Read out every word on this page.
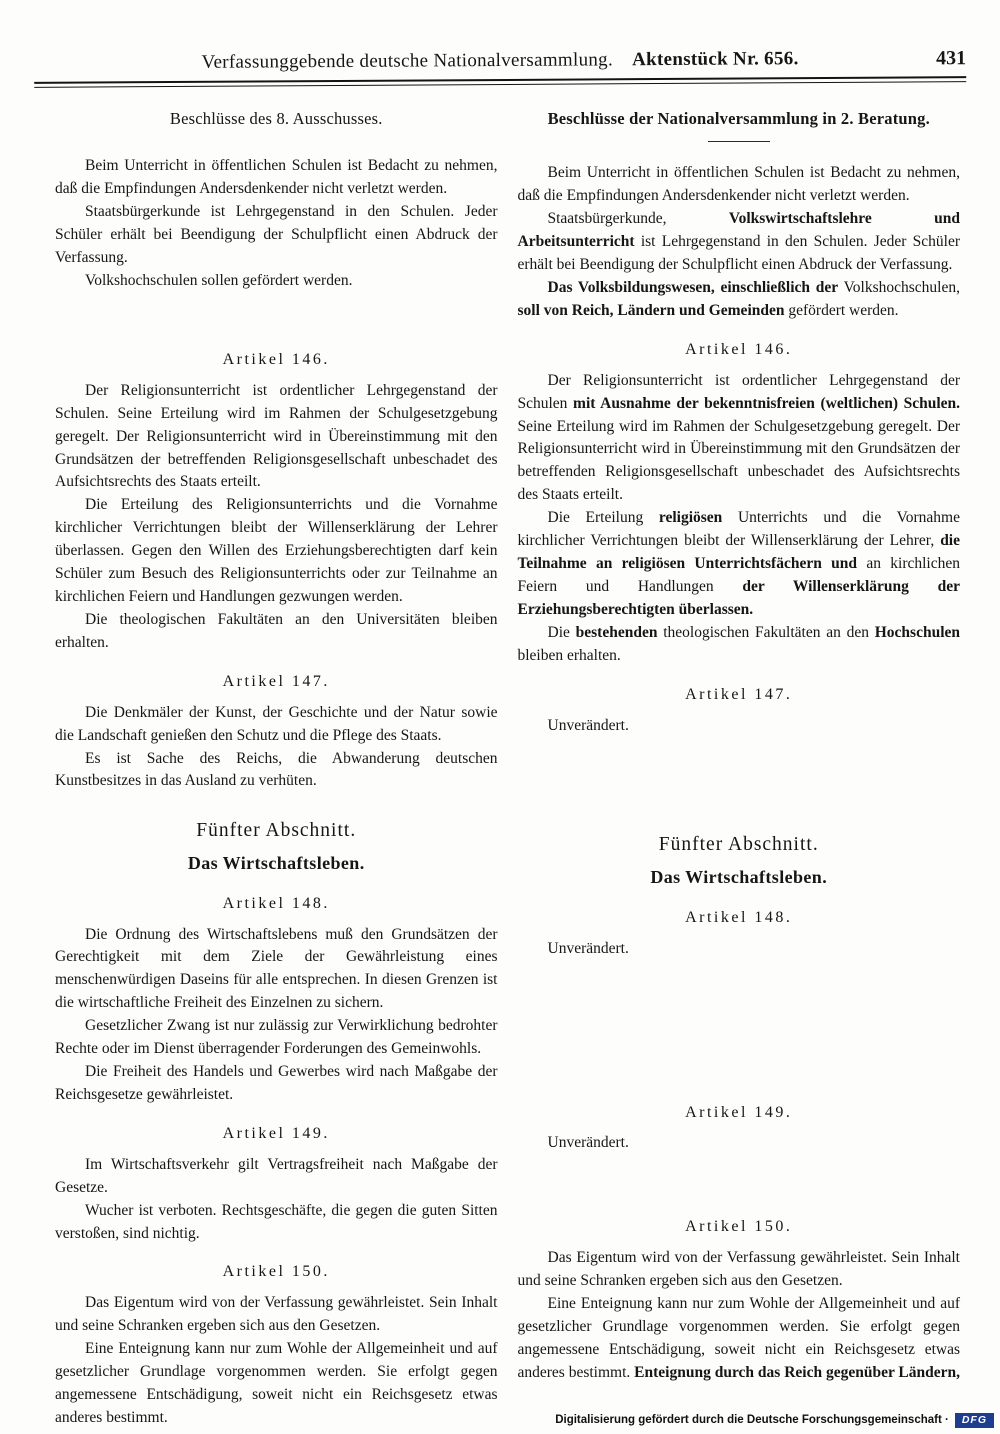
Verfassunggebende deutsche Nationalversammlung. Aktenstück Nr. 656.	431
Beschlüsse des 8. Ausschusses.

Beim Unterricht in öffentlichen Schulen ist Bedacht zu nehmen, daß die Empfindungen Andersdenkender nicht verletzt werden.

Staatsbürgerkunde ist Lehrgegenstand in den Schulen. Jeder Schüler erhält bei Beendigung der Schulpflicht einen Abdruck der Verfassung.

Volkshochschulen sollen gefördert werden.

Artikel 146.

Der Religionsunterricht ist ordentlicher Lehrgegenstand der Schulen. Seine Erteilung wird im Rahmen der Schulgesetzgebung geregelt. Der Religionsunterricht wird in Übereinstimmung mit den Grundsätzen der betreffenden Religionsgesellschaft unbeschadet des Aufsichtsrechts des Staats erteilt.

Die Erteilung des Religionsunterrichts und die Vornahme kirchlicher Verrichtungen bleibt der Willenserklärung der Lehrer überlassen. Gegen den Willen des Erziehungsberechtigten darf kein Schüler zum Besuch des Religionsunterrichts oder zur Teilnahme an kirchlichen Feiern und Handlungen gezwungen werden.

Die theologischen Fakultäten an den Universitäten bleiben erhalten.

Artikel 147.

Die Denkmäler der Kunst, der Geschichte und der Natur sowie die Landschaft genießen den Schutz und die Pflege des Staats.

Es ist Sache des Reichs, die Abwanderung deutschen Kunstbesitzes in das Ausland zu verhüten.

Fünfter Abschnitt.
Das Wirtschaftsleben.
Artikel 148.

Die Ordnung des Wirtschaftslebens muß den Grundsätzen der Gerechtigkeit mit dem Ziele der Gewährleistung eines menschenwürdigen Daseins für alle entsprechen. In diesen Grenzen ist die wirtschaftliche Freiheit des Einzelnen zu sichern.

Gesetzlicher Zwang ist nur zulässig zur Verwirklichung bedrohter Rechte oder im Dienst überragender Forderungen des Gemeinwohls.

Die Freiheit des Handels und Gewerbes wird nach Maßgabe der Reichsgesetze gewährleistet.

Artikel 149.

Im Wirtschaftsverkehr gilt Vertragsfreiheit nach Maßgabe der Gesetze.

Wucher ist verboten. Rechtsgeschäfte, die gegen die guten Sitten verstoßen, sind nichtig.

Artikel 150.

Das Eigentum wird von der Verfassung gewährleistet. Sein Inhalt und seine Schranken ergeben sich aus den Gesetzen.

Eine Enteignung kann nur zum Wohle der Allgemeinheit und auf gesetzlicher Grundlage vorgenommen werden. Sie erfolgt gegen angemessene Entschädigung, soweit nicht ein Reichsgesetz etwas anderes bestimmt.

Beschlüsse der Nationalversammlung in 2. Beratung.

Beim Unterricht in öffentlichen Schulen ist Bedacht zu nehmen, daß die Empfindungen Andersdenkender nicht verletzt werden.

Staatsbürgerkunde, Volkswirtschaftslehre und Arbeitsunterricht ist Lehrgegenstand in den Schulen. Jeder Schüler erhält bei Beendigung der Schulpflicht einen Abdruck der Verfassung.

Das Volksbildungswesen, einschließlich der Volkshochschulen, soll von Reich, Ländern und Gemeinden gefördert werden.

Artikel 146.

Der Religionsunterricht ist ordentlicher Lehrgegenstand der Schulen mit Ausnahme der bekenntnisfreien (weltlichen) Schulen. Seine Erteilung wird im Rahmen der Schulgesetzgebung geregelt. Der Religionsunterricht wird in Übereinstimmung mit den Grundsätzen der betreffenden Religionsgesellschaft unbeschadet des Aufsichtsrechts des Staats erteilt.

Die Erteilung religiösen Unterrichts und die Vornahme kirchlicher Verrichtungen bleibt der Willenserklärung der Lehrer, die Teilnahme an religiösen Unterrichtsfächern und an kirchlichen Feiern und Handlungen der Willenserklärung der Erziehungsberechtigten überlassen.

Die bestehenden theologischen Fakultäten an den Hochschulen bleiben erhalten.

Artikel 147.

Unverändert.

Fünfter Abschnitt.
Das Wirtschaftsleben.
Artikel 148.

Unverändert.

Artikel 149.

Unverändert.

Artikel 150.

Das Eigentum wird von der Verfassung gewährleistet. Sein Inhalt und seine Schranken ergeben sich aus den Gesetzen.

Eine Enteignung kann nur zum Wohle der Allgemeinheit und auf gesetzlicher Grundlage vorgenommen werden. Sie erfolgt gegen angemessene Entschädigung, soweit nicht ein Reichsgesetz etwas anderes bestimmt. Enteignung durch das Reich gegenüber Ländern,

Digitalisierung gefördert durch die Deutsche Forschungsgemeinschaft ·	DFG
